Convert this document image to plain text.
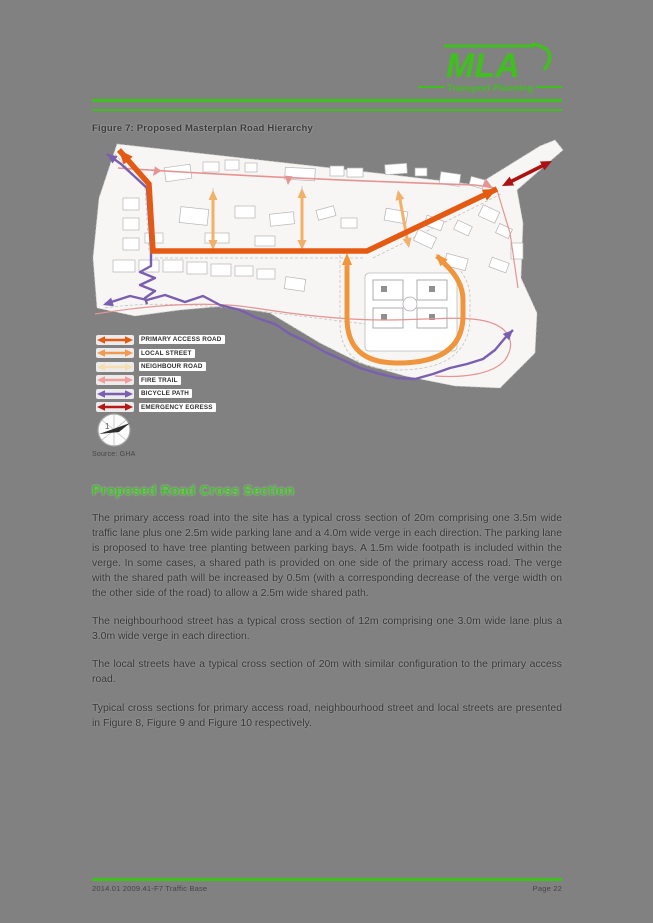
MLA
Transport Planning
Figure 7: Proposed Masterplan Road Hierarchy
PRIMARY ACCESS ROAD
LOCAL STREET
NEIGHBOUR ROAD
FIRE TRAIL
BICYCLE PATH
EMERGENCY EGRESS
1
Source: GHA
Proposed Road Cross Section

The primary access road into the site has a typical cross section of 20m comprising one 3.5m wide traffic lane plus one 2.5m wide parking lane and a 4.0m wide verge in each direction. The parking lane is proposed to have tree planting between parking bays. A 1.5m wide footpath is included within the verge. In some cases, a shared path is provided on one side of the primary access road. The verge with the shared path will be increased by 0.5m (with a corresponding decrease of the verge width on the other side of the road) to allow a 2.5m wide shared path.

The neighbourhood street has a typical cross section of 12m comprising one 3.0m wide lane plus a 3.0m wide verge in each direction.

The local streets have a typical cross section of 20m with similar configuration to the primary access road.

Typical cross sections for primary access road, neighbourhood street and local streets are presented in Figure 8, Figure 9 and Figure 10 respectively.

2014.01 2009.41-F7 Traffic Base	Page 22
